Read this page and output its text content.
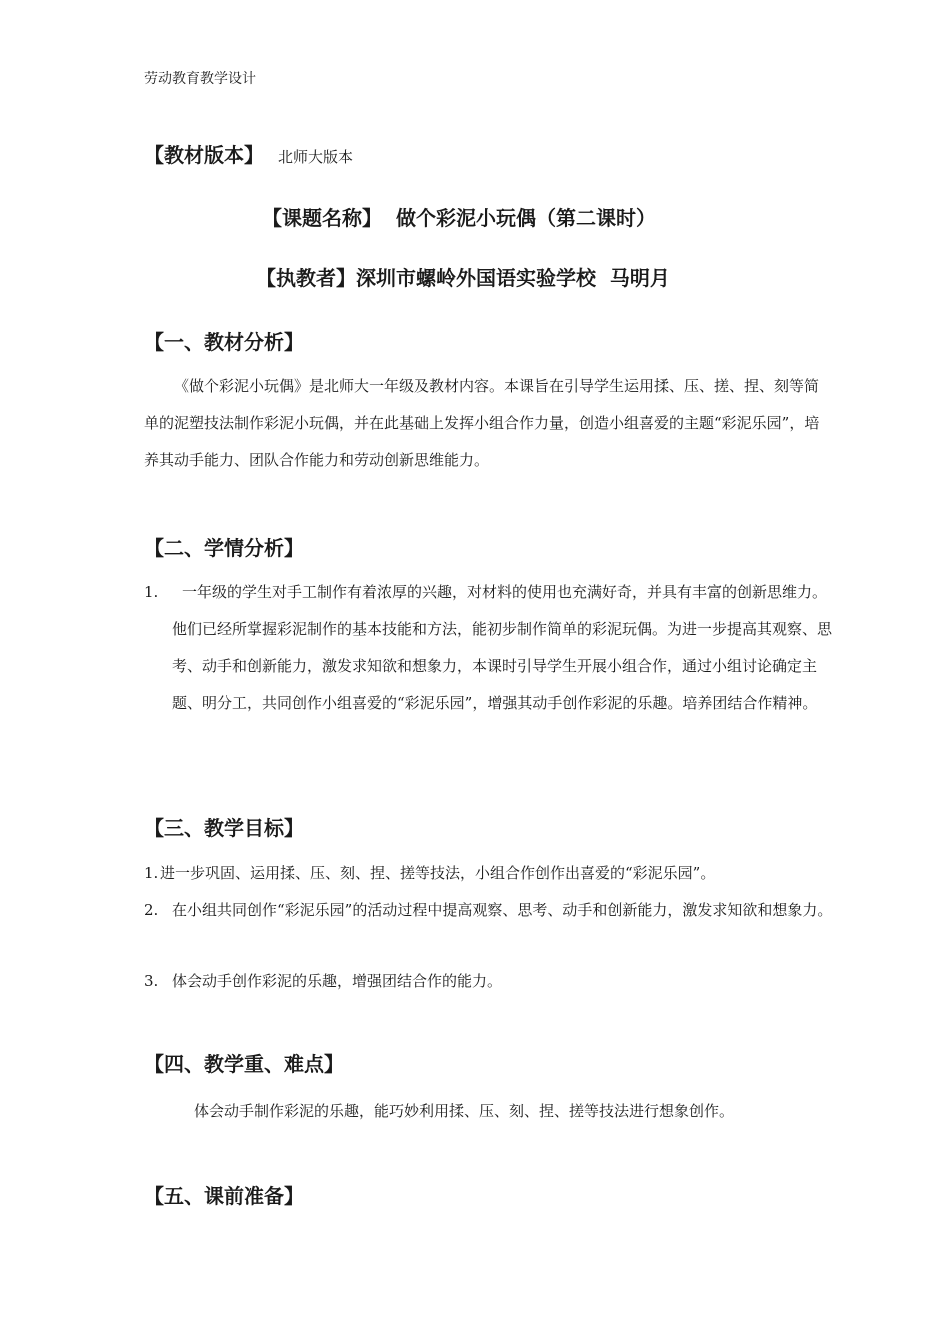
劳动教育教学设计
【教材版本】 北师大版本
【课题名称】 做个彩泥小玩偶（第二课时）
【执教者】深圳市螺岭外国语实验学校  马明月
【一、教材分析】
《做个彩泥小玩偶》是北师大一年级及教材内容。本课旨在引导学生运用揉、压、搓、捏、刻等简单的泥塑技法制作彩泥小玩偶，并在此基础上发挥小组合作力量，创造小组喜爱的主题“彩泥乐园”，培养其动手能力、团队合作能力和劳动创新思维能力。
【二、学情分析】
1.	一年级的学生对手工制作有着浓厚的兴趣，对材料的使用也充满好奇，并具有丰富的创新思维力。他们已经所掌握彩泥制作的基本技能和方法，能初步制作简单的彩泥玩偶。为进一步提高其观察、思考、动手和创新能力，激发求知欲和想象力，本课时引导学生开展小组合作，通过小组讨论确定主题、明分工，共同创作小组喜爱的“彩泥乐园”，增强其动手创作彩泥的乐趣。培养团结合作精神。
【三、教学目标】
1. 进一步巩固、运用揉、压、刻、捏、搓等技法，小组合作创作出喜爱的“彩泥乐园”。
2. 在小组共同创作“彩泥乐园”的活动过程中提高观察、思考、动手和创新能力，激发求知欲和想象力。
3. 体会动手创作彩泥的乐趣，增强团结合作的能力。
【四、教学重、难点】
体会动手制作彩泥的乐趣，能巧妙利用揉、压、刻、捏、搓等技法进行想象创作。
【五、课前准备】
